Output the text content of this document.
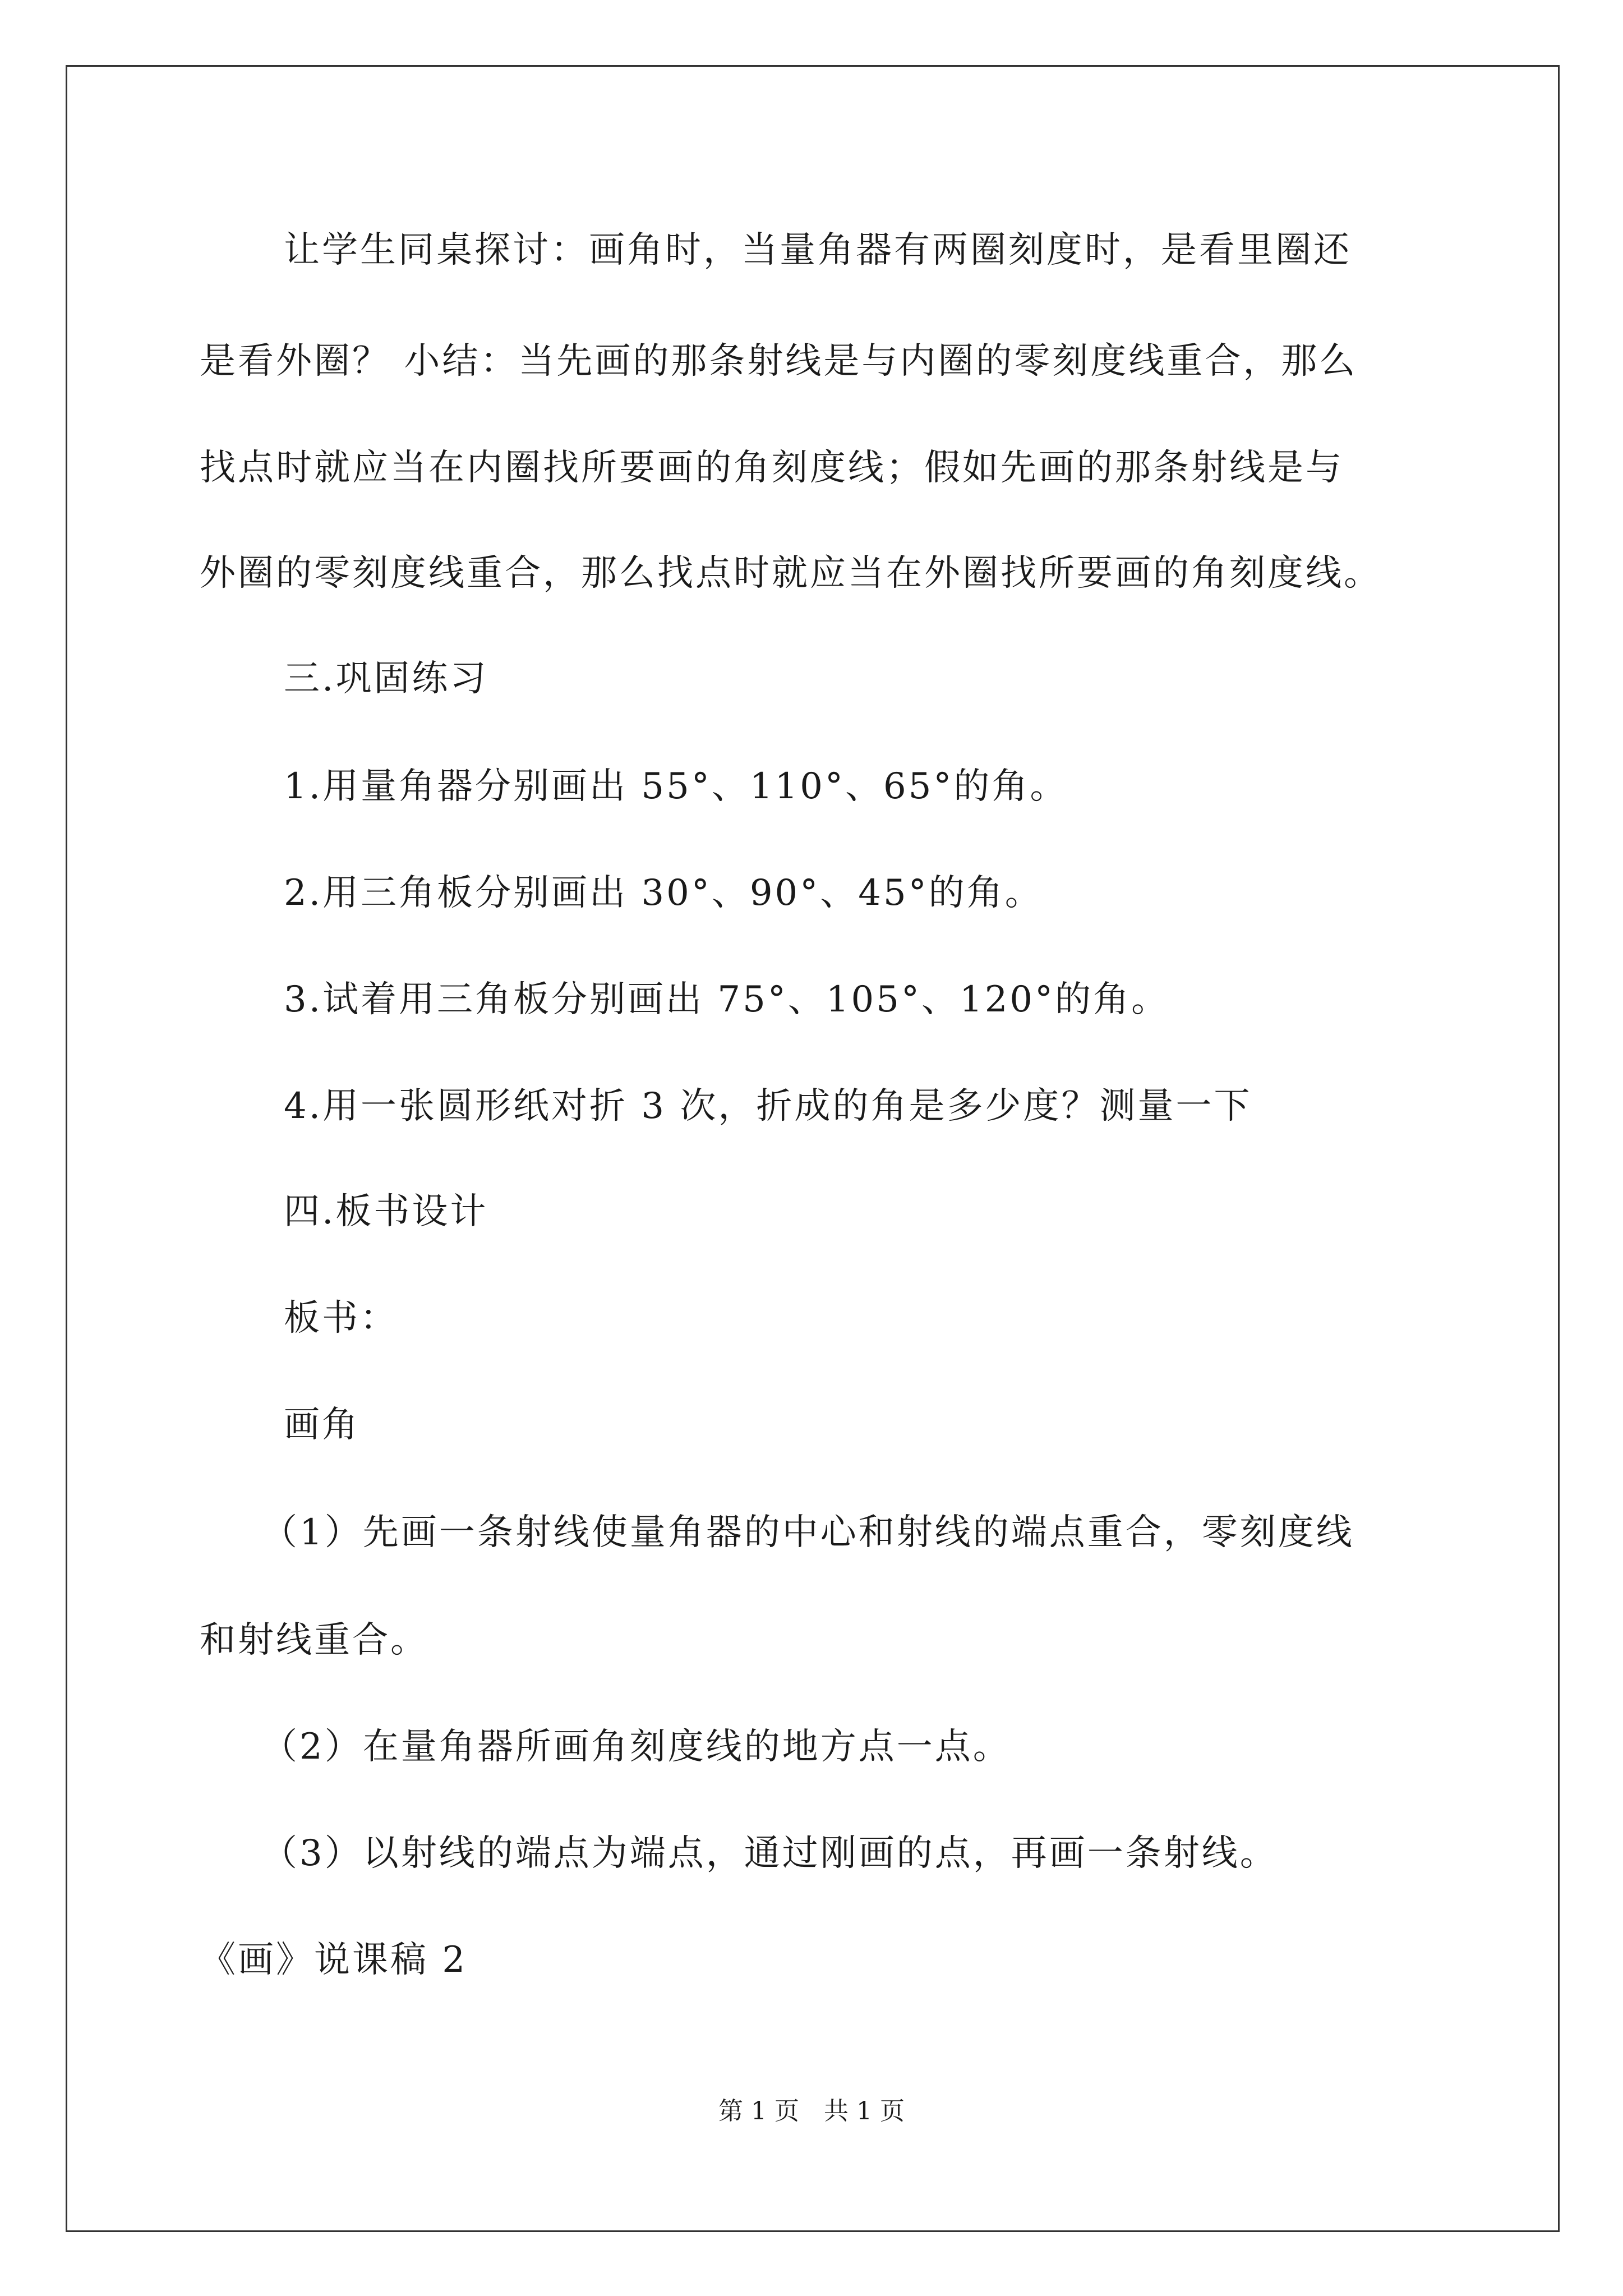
让学生同桌探讨：画角时，当量角器有两圈刻度时，是看里圈还
是看外圈？ 小结：当先画的那条射线是与内圈的零刻度线重合，那么
找点时就应当在内圈找所要画的角刻度线；假如先画的那条射线是与
外圈的零刻度线重合，那么找点时就应当在外圈找所要画的角刻度线。
三.巩固练习
1.用量角器分别画出 55°、110°、65°的角。
2.用三角板分别画出 30°、90°、45°的角。
3.试着用三角板分别画出 75°、105°、120°的角。
4.用一张圆形纸对折 3 次，折成的角是多少度？测量一下
四.板书设计
板书：
画角
（1）先画一条射线使量角器的中心和射线的端点重合，零刻度线
和射线重合。
（2）在量角器所画角刻度线的地方点一点。
（3）以射线的端点为端点，通过刚画的点，再画一条射线。
《画》说课稿 2
第 1 页　共 1 页
